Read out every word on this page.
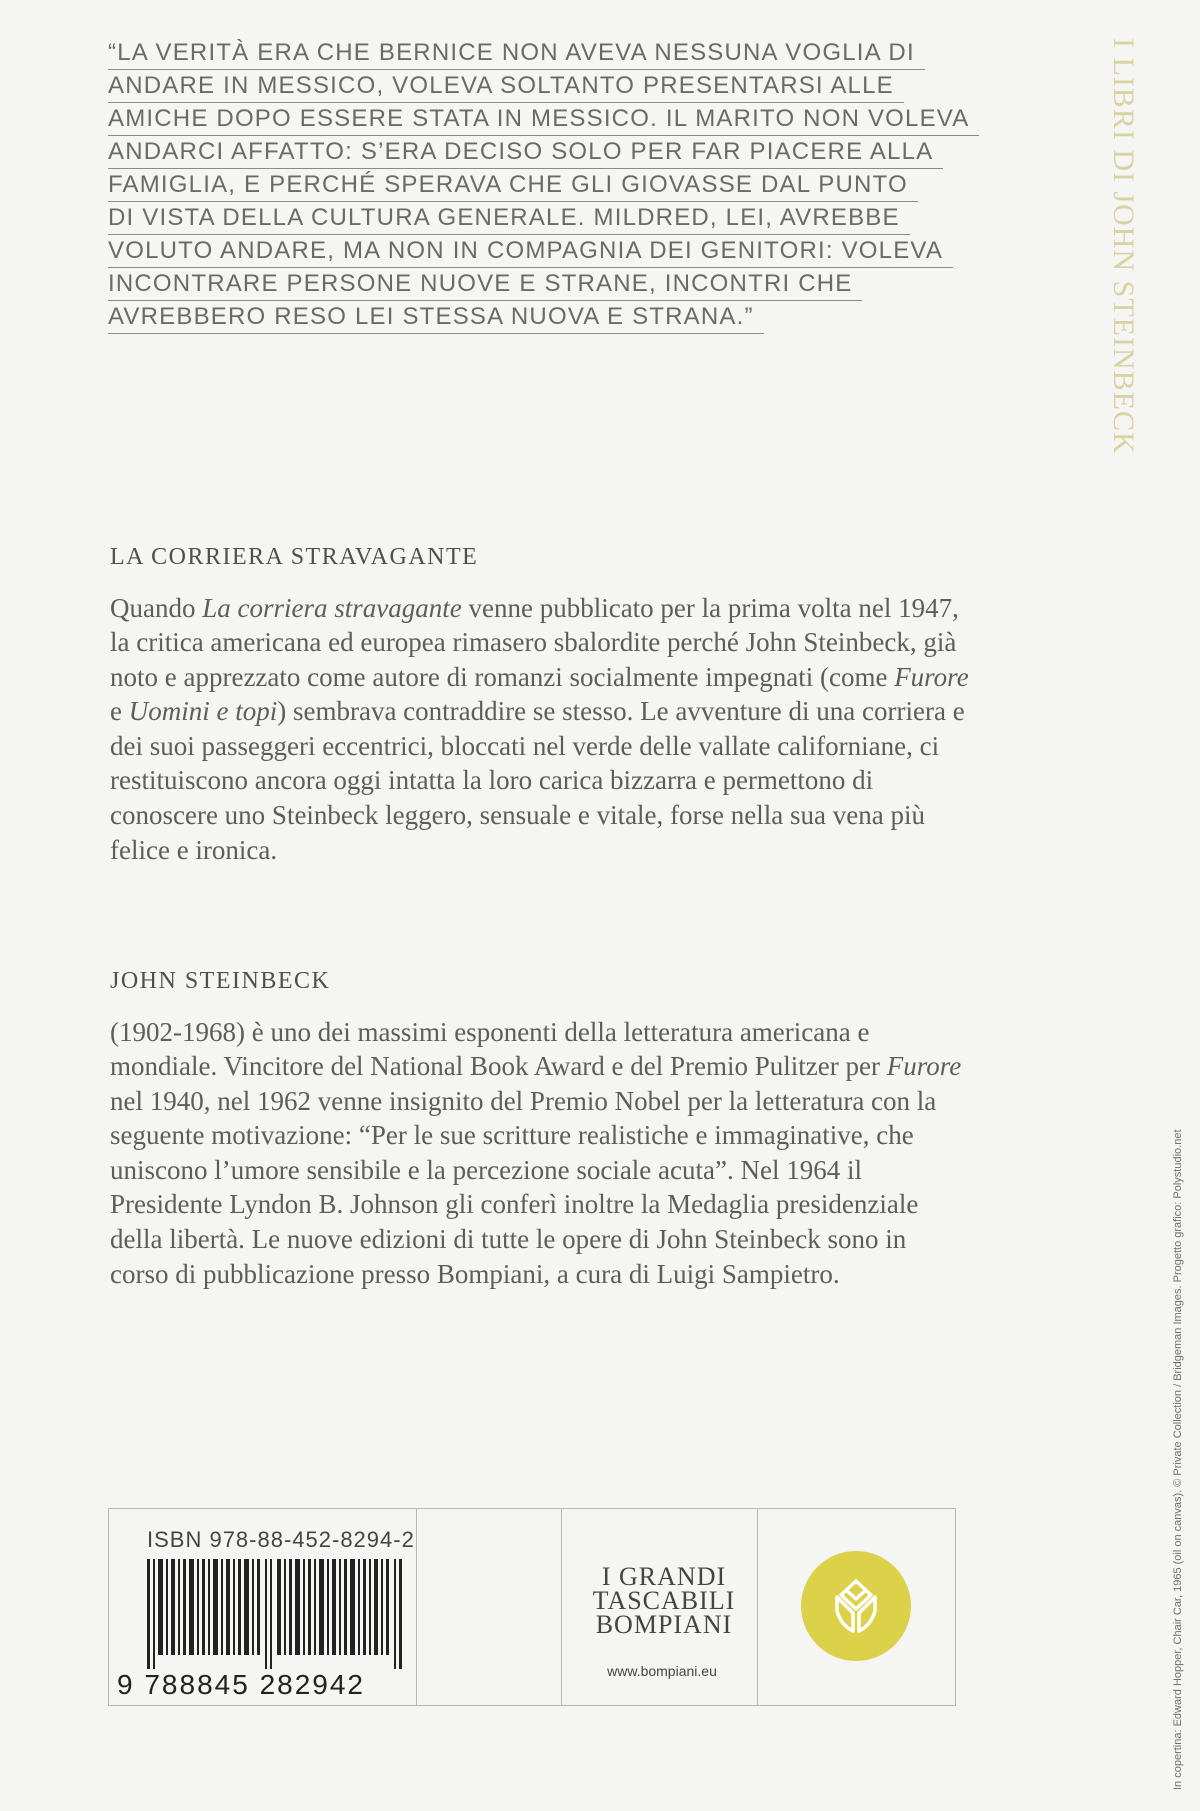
“LA VERITÀ ERA CHE BERNICE NON AVEVA NESSUNA VOGLIA DI
ANDARE IN MESSICO, VOLEVA SOLTANTO PRESENTARSI ALLE
AMICHE DOPO ESSERE STATA IN MESSICO. IL MARITO NON VOLEVA
ANDARCI AFFATTO: S’ERA DECISO SOLO PER FAR PIACERE ALLA
FAMIGLIA, E PERCHÉ SPERAVA CHE GLI GIOVASSE DAL PUNTO
DI VISTA DELLA CULTURA GENERALE. MILDRED, LEI, AVREBBE
VOLUTO ANDARE, MA NON IN COMPAGNIA DEI GENITORI: VOLEVA
INCONTRARE PERSONE NUOVE E STRANE, INCONTRI CHE
AVREBBERO RESO LEI STESSA NUOVA E STRANA.”	I LIBRI DI JOHN STEINBECK
LA CORRIERA STRAVAGANTE
Quando La corriera stravagante venne pubblicato per la prima volta nel 1947, la critica americana ed europea rimasero sbalordite perché John Steinbeck, già noto e apprezzato come autore di romanzi socialmente impegnati (come Furore e Uomini e topi) sembrava contraddire se stesso. Le avventure di una corriera e dei suoi passeggeri eccentrici, bloccati nel verde delle vallate californiane, ci restituiscono ancora oggi intatta la loro carica bizzarra e permettono di conoscere uno Steinbeck leggero, sensuale e vitale, forse nella sua vena più felice e ironica.
JOHN STEINBECK
(1902-1968) è uno dei massimi esponenti della letteratura americana e mondiale. Vincitore del National Book Award e del Premio Pulitzer per Furore nel 1940, nel 1962 venne insignito del Premio Nobel per la letteratura con la seguente motivazione: “Per le sue scritture realistiche e immaginative, che uniscono l’umore sensibile e la percezione sociale acuta”. Nel 1964 il Presidente Lyndon B. Johnson gli conferì inoltre la Medaglia presidenziale della libertà. Le nuove edizioni di tutte le opere di John Steinbeck sono in corso di pubblicazione presso Bompiani, a cura di Luigi Sampietro.
ISBN 978-88-452-8294-2
9 788845 282942
I GRANDI
TASCABILI
BOMPIANI
www.bompiani.eu	In copertina: Edward Hopper, Chair Car, 1965 (oil on canvas). © Private Collection / Bridgeman Images. Progetto grafico: Polystudio.net
